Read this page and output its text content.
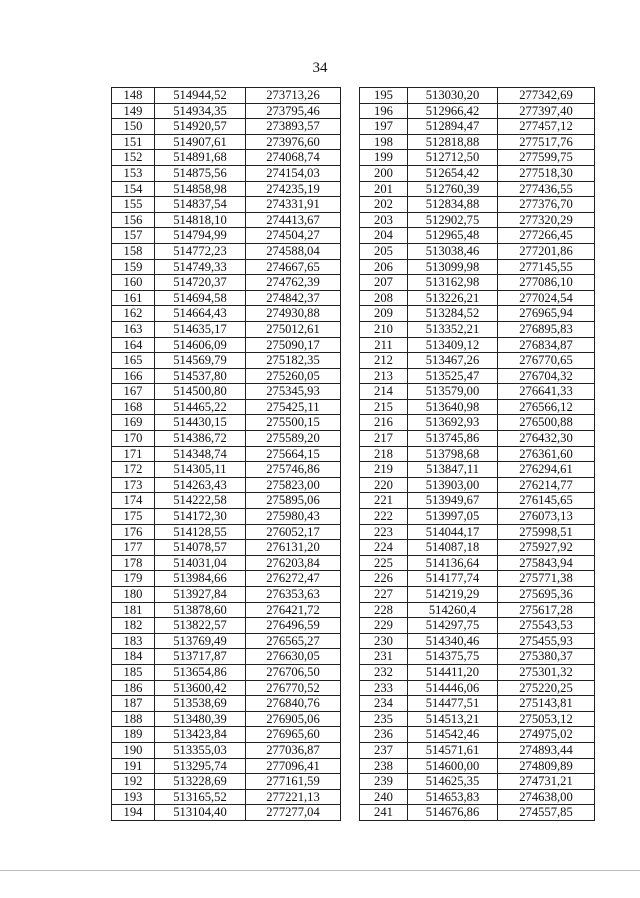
34
148	514944,52	273713,26
149	514934,35	273795,46
150	514920,57	273893,57
151	514907,61	273976,60
152	514891,68	274068,74
153	514875,56	274154,03
154	514858,98	274235,19
155	514837,54	274331,91
156	514818,10	274413,67
157	514794,99	274504,27
158	514772,23	274588,04
159	514749,33	274667,65
160	514720,37	274762,39
161	514694,58	274842,37
162	514664,43	274930,88
163	514635,17	275012,61
164	514606,09	275090,17
165	514569,79	275182,35
166	514537,80	275260,05
167	514500,80	275345,93
168	514465,22	275425,11
169	514430,15	275500,15
170	514386,72	275589,20
171	514348,74	275664,15
172	514305,11	275746,86
173	514263,43	275823,00
174	514222,58	275895,06
175	514172,30	275980,43
176	514128,55	276052,17
177	514078,57	276131,20
178	514031,04	276203,84
179	513984,66	276272,47
180	513927,84	276353,63
181	513878,60	276421,72
182	513822,57	276496,59
183	513769,49	276565,27
184	513717,87	276630,05
185	513654,86	276706,50
186	513600,42	276770,52
187	513538,69	276840,76
188	513480,39	276905,06
189	513423,84	276965,60
190	513355,03	277036,87
191	513295,74	277096,41
192	513228,69	277161,59
193	513165,52	277221,13
194	513104,40	277277,04
195	513030,20	277342,69
196	512966,42	277397,40
197	512894,47	277457,12
198	512818,88	277517,76
199	512712,50	277599,75
200	512654,42	277518,30
201	512760,39	277436,55
202	512834,88	277376,70
203	512902,75	277320,29
204	512965,48	277266,45
205	513038,46	277201,86
206	513099,98	277145,55
207	513162,98	277086,10
208	513226,21	277024,54
209	513284,52	276965,94
210	513352,21	276895,83
211	513409,12	276834,87
212	513467,26	276770,65
213	513525,47	276704,32
214	513579,00	276641,33
215	513640,98	276566,12
216	513692,93	276500,88
217	513745,86	276432,30
218	513798,68	276361,60
219	513847,11	276294,61
220	513903,00	276214,77
221	513949,67	276145,65
222	513997,05	276073,13
223	514044,17	275998,51
224	514087,18	275927,92
225	514136,64	275843,94
226	514177,74	275771,38
227	514219,29	275695,36
228	514260,4	275617,28
229	514297,75	275543,53
230	514340,46	275455,93
231	514375,75	275380,37
232	514411,20	275301,32
233	514446,06	275220,25
234	514477,51	275143,81
235	514513,21	275053,12
236	514542,46	274975,02
237	514571,61	274893,44
238	514600,00	274809,89
239	514625,35	274731,21
240	514653,83	274638,00
241	514676,86	274557,85
